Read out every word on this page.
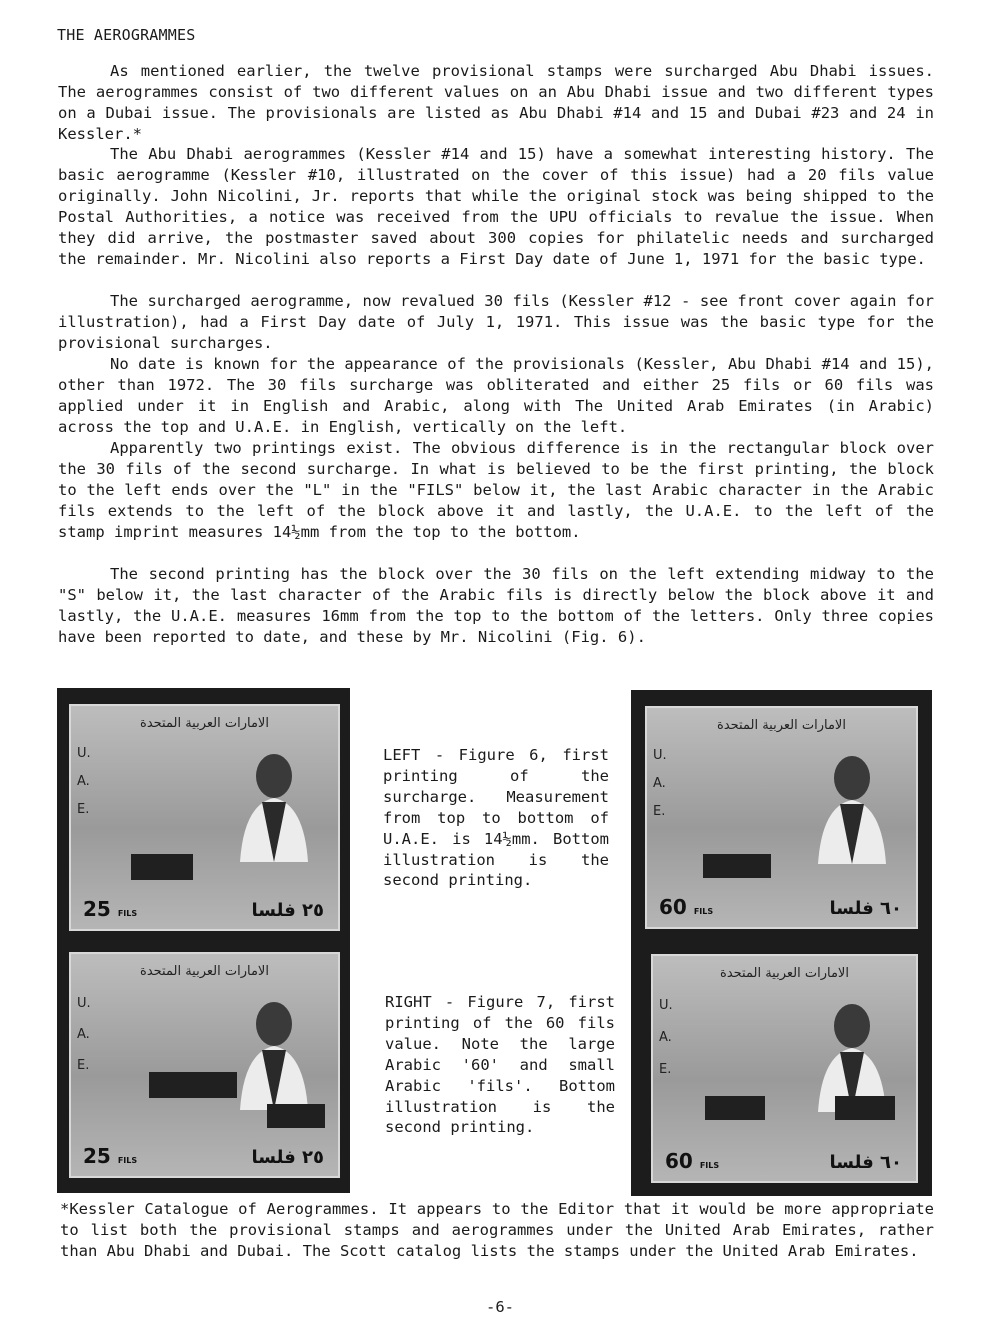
THE AEROGRAMMES

As mentioned earlier, the twelve provisional stamps were surcharged Abu Dhabi issues. The aerogrammes consist of two different values on an Abu Dhabi issue and two different types on a Dubai issue. The provisionals are listed as Abu Dhabi #14 and 15 and Dubai #23 and 24 in Kessler.*

The Abu Dhabi aerogrammes (Kessler #14 and 15) have a somewhat interesting history. The basic aerogramme (Kessler #10, illustrated on the cover of this issue) had a 20 fils value originally. John Nicolini, Jr. reports that while the original stock was being shipped to the Postal Authorities, a notice was received from the UPU officials to revalue the issue. When they did arrive, the postmaster saved about 300 copies for philatelic needs and surcharged the remainder. Mr. Nicolini also reports a First Day date of June 1, 1971 for the basic type.

The surcharged aerogramme, now revalued 30 fils (Kessler #12 - see front cover again for illustration), had a First Day date of July 1, 1971. This issue was the basic type for the provisional surcharges.

No date is known for the appearance of the provisionals (Kessler, Abu Dhabi #14 and 15), other than 1972. The 30 fils surcharge was obliterated and either 25 fils or 60 fils was applied under it in English and Arabic, along with The United Arab Emirates (in Arabic) across the top and U.A.E. in English, vertically on the left.

Apparently two printings exist. The obvious difference is in the rectangular block over the 30 fils of the second surcharge. In what is believed to be the first printing, the block to the left ends over the "L" in the "FILS" below it, the last Arabic character in the Arabic fils extends to the left of the block above it and lastly, the U.A.E. to the left of the stamp imprint measures 14½mm from the top to the bottom.

The second printing has the block over the 30 fils on the left extending midway to the "S" below it, the last character of the Arabic fils is directly below the block above it and lastly, the U.A.E. measures 16mm from the top to the bottom of the letters. Only three copies have been reported to date, and these by Mr. Nicolini (Fig. 6).

الامارات العربية المتحدة
U.
A.
E.
25 FILS	٢٥ فلسا
الامارات العربية المتحدة
U.
A.
E.
25 FILS	٢٥ فلسا

LEFT - Figure 6, first printing of the surcharge. Measurement from top to bottom of U.A.E. is 14½mm. Bottom illustration is the second printing.

RIGHT - Figure 7, first printing of the 60 fils value. Note the large Arabic '60' and small Arabic 'fils'. Bottom illustration is the second printing.

الامارات العربية المتحدة
U.
A.
E.
60 FILS	٦٠ فلسا
الامارات العربية المتحدة
U.
A.
E.
60 FILS	٦٠ فلسا

*Kessler Catalogue of Aerogrammes. It appears to the Editor that it would be more appropriate to list both the provisional stamps and aerogrammes under the United Arab Emirates, rather than Abu Dhabi and Dubai. The Scott catalog lists the stamps under the United Arab Emirates.

-6-
